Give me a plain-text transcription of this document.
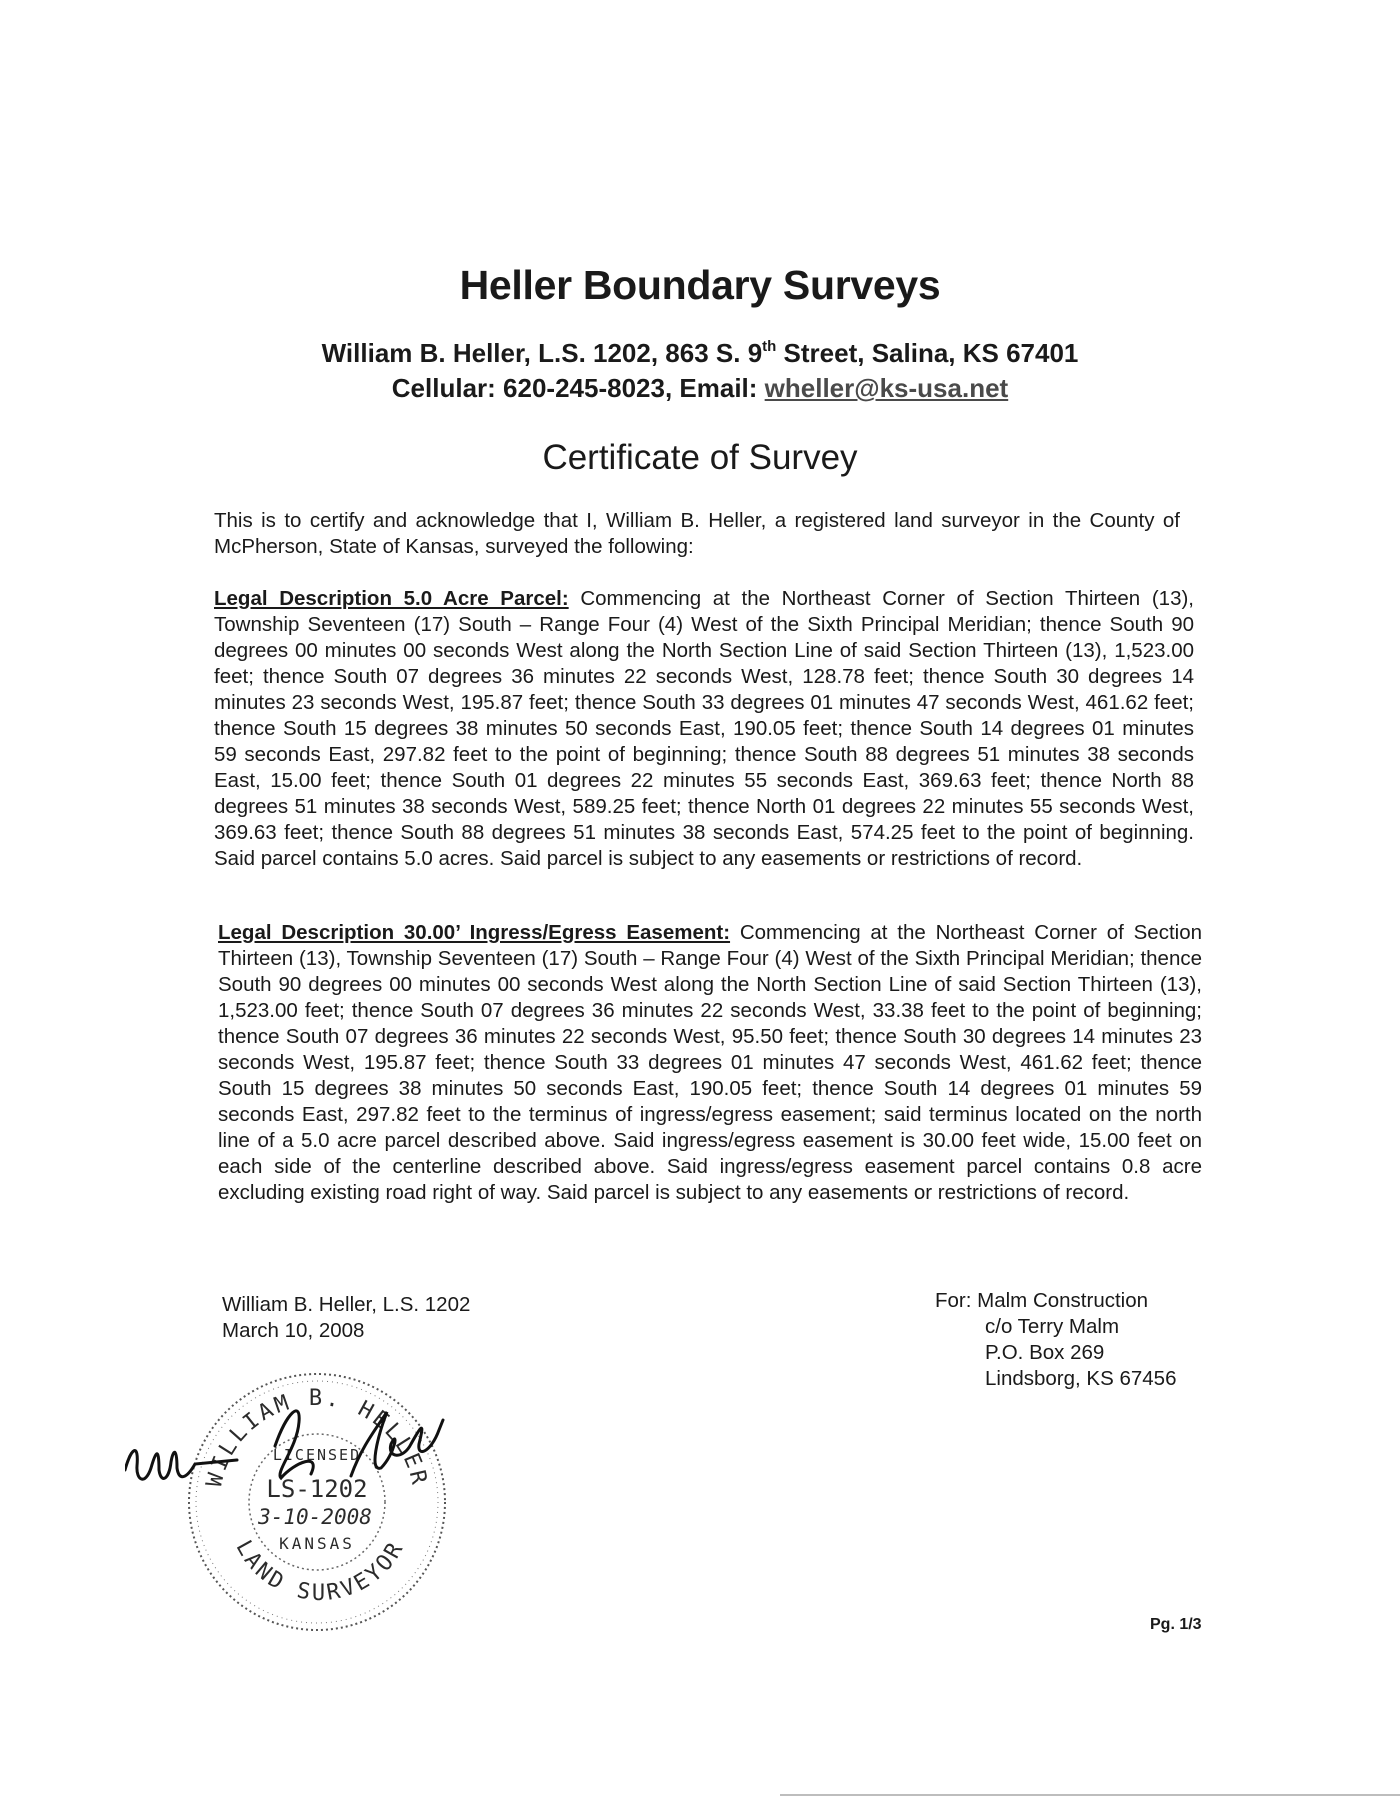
Heller Boundary Surveys

William B. Heller, L.S. 1202, 863 S. 9th Street, Salina, KS 67401

Cellular: 620-245-8023, Email: wheller@ks-usa.net

Certificate of Survey

This is to certify and acknowledge that I, William B. Heller, a registered land surveyor in the County of McPherson, State of Kansas, surveyed the following:

Legal Description 5.0 Acre Parcel: Commencing at the Northeast Corner of Section Thirteen (13), Township Seventeen (17) South – Range Four (4) West of the Sixth Principal Meridian; thence South 90 degrees 00 minutes 00 seconds West along the North Section Line of said Section Thirteen (13), 1,523.00 feet; thence South 07 degrees 36 minutes 22 seconds West, 128.78 feet; thence South 30 degrees 14 minutes 23 seconds West, 195.87 feet; thence South 33 degrees 01 minutes 47 seconds West, 461.62 feet; thence South 15 degrees 38 minutes 50 seconds East, 190.05 feet; thence South 14 degrees 01 minutes 59 seconds East, 297.82 feet to the point of beginning; thence South 88 degrees 51 minutes 38 seconds East, 15.00 feet; thence South 01 degrees 22 minutes 55 seconds East, 369.63 feet; thence North 88 degrees 51 minutes 38 seconds West, 589.25 feet; thence North 01 degrees 22 minutes 55 seconds West, 369.63 feet; thence South 88 degrees 51 minutes 38 seconds East, 574.25 feet to the point of beginning. Said parcel contains 5.0 acres. Said parcel is subject to any easements or restrictions of record.

Legal Description 30.00’ Ingress/Egress Easement: Commencing at the Northeast Corner of Section Thirteen (13), Township Seventeen (17) South – Range Four (4) West of the Sixth Principal Meridian; thence South 90 degrees 00 minutes 00 seconds West along the North Section Line of said Section Thirteen (13), 1,523.00 feet; thence South 07 degrees 36 minutes 22 seconds West, 33.38 feet to the point of beginning; thence South 07 degrees 36 minutes 22 seconds West, 95.50 feet; thence South 30 degrees 14 minutes 23 seconds West, 195.87 feet; thence South 33 degrees 01 minutes 47 seconds West, 461.62 feet; thence South 15 degrees 38 minutes 50 seconds East, 190.05 feet; thence South 14 degrees 01 minutes 59 seconds East, 297.82 feet to the terminus of ingress/egress easement; said terminus located on the north line of a 5.0 acre parcel described above. Said ingress/egress easement is 30.00 feet wide, 15.00 feet on each side of the centerline described above. Said ingress/egress easement parcel contains 0.8 acre excluding existing road right of way. Said parcel is subject to any easements or restrictions of record.

William B. Heller, L.S. 1202
March 10, 2008
For: Malm Construction
c/o Terry Malm
P.O. Box 269
Lindsborg, KS 67456
WILLIAM B. HELLER
LAND SURVEYOR
LICENSED
LS-1202
3-10-2008
KANSAS
Pg. 1/3
